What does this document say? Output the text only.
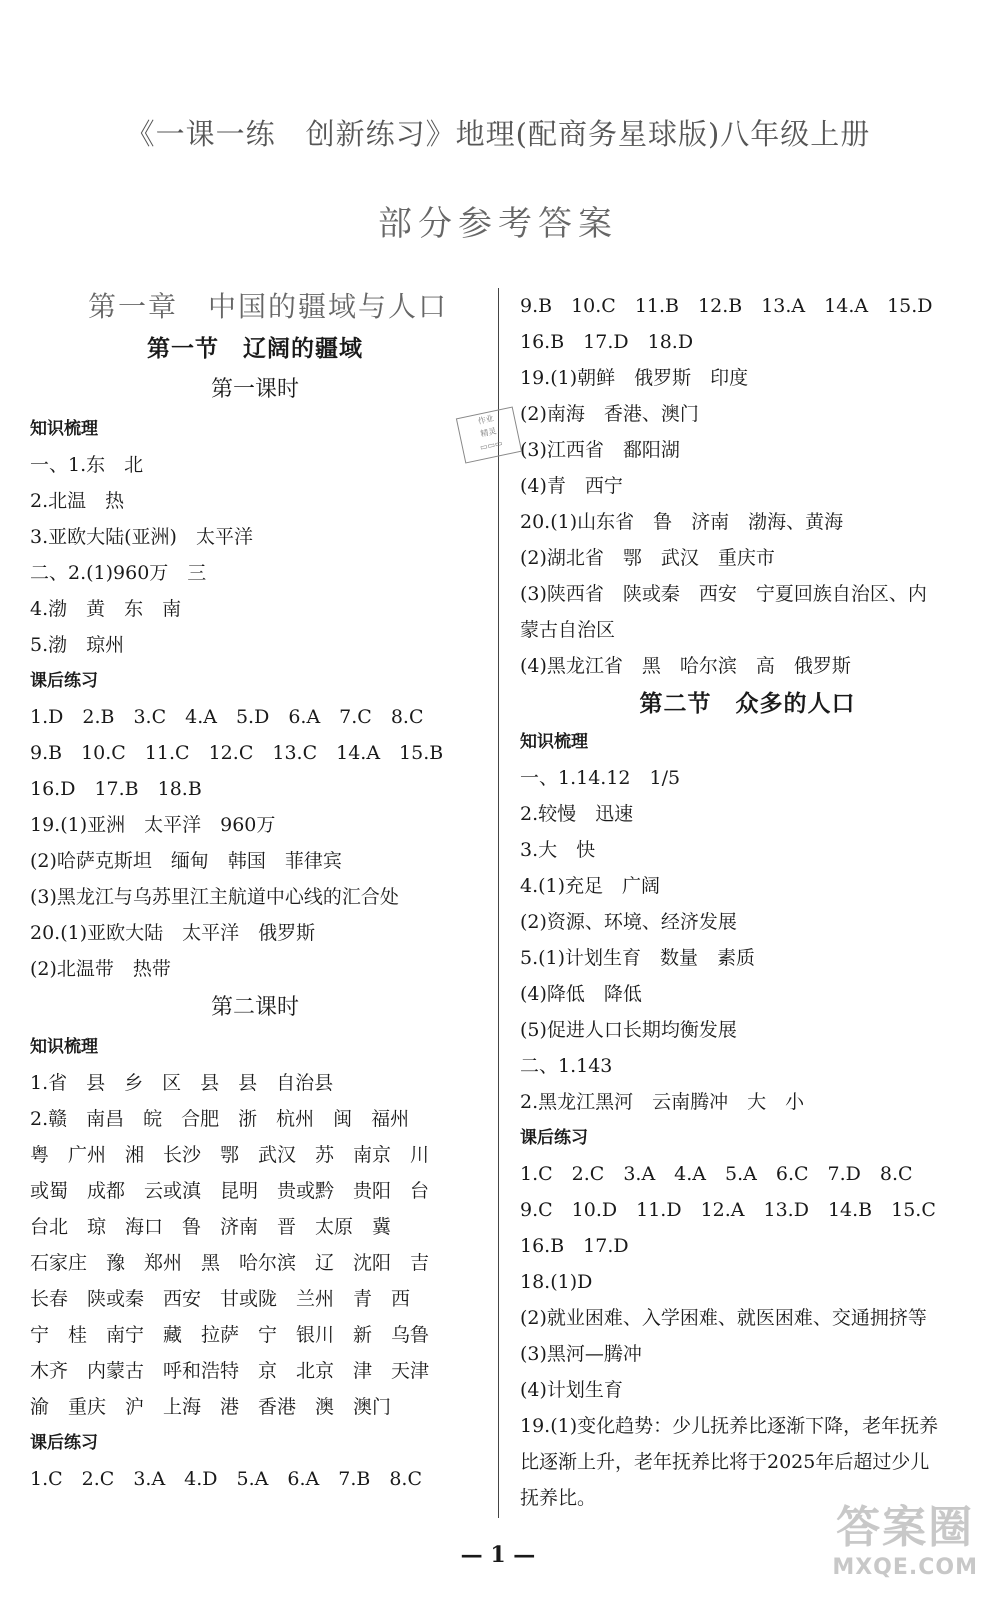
《一课一练　创新练习》地理(配商务星球版)八年级上册
部分参考答案
第一章　中国的疆域与人口
第一节　辽阔的疆域
第一课时
知识梳理
一、1.东　北
2.北温　热
3.亚欧大陆(亚洲)　太平洋
二、2.(1)960万　三
4.渤　黄　东　南
5.渤　琼州
课后练习
1.D　2.B　3.C　4.A　5.D　6.A　7.C　8.C
9.B　10.C　11.C　12.C　13.C　14.A　15.B
16.D　17.B　18.B
19.(1)亚洲　太平洋　960万
(2)哈萨克斯坦　缅甸　韩国　菲律宾
(3)黑龙江与乌苏里江主航道中心线的汇合处
20.(1)亚欧大陆　太平洋　俄罗斯
(2)北温带　热带
第二课时
知识梳理
1.省　县　乡　区　县　县　自治县
2.赣　南昌　皖　合肥　浙　杭州　闽　福州
粤　广州　湘　长沙　鄂　武汉　苏　南京　川
或蜀　成都　云或滇　昆明　贵或黔　贵阳　台
台北　琼　海口　鲁　济南　晋　太原　冀
石家庄　豫　郑州　黑　哈尔滨　辽　沈阳　吉
长春　陕或秦　西安　甘或陇　兰州　青　西
宁　桂　南宁　藏　拉萨　宁　银川　新　乌鲁
木齐　内蒙古　呼和浩特　京　北京　津　天津
渝　重庆　沪　上海　港　香港　澳　澳门
课后练习
1.C　2.C　3.A　4.D　5.A　6.A　7.B　8.C
9.B　10.C　11.B　12.B　13.A　14.A　15.D
16.B　17.D　18.D
19.(1)朝鲜　俄罗斯　印度
(2)南海　香港、澳门
(3)江西省　鄱阳湖
(4)青　西宁
20.(1)山东省　鲁　济南　渤海、黄海
(2)湖北省　鄂　武汉　重庆市
(3)陕西省　陕或秦　西安　宁夏回族自治区、内
蒙古自治区
(4)黑龙江省　黑　哈尔滨　高　俄罗斯
第二节　众多的人口
知识梳理
一、1.14.12　1/5
2.较慢　迅速
3.大　快
4.(1)充足　广阔
(2)资源、环境、经济发展
5.(1)计划生育　数量　素质
(4)降低　降低
(5)促进人口长期均衡发展
二、1.143
2.黑龙江黑河　云南腾冲　大　小
课后练习
1.C　2.C　3.A　4.A　5.A　6.C　7.D　8.C
9.C　10.D　11.D　12.A　13.D　14.B　15.C
16.B　17.D
18.(1)D
(2)就业困难、入学困难、就医困难、交通拥挤等
(3)黑河—腾冲
(4)计划生育
19.(1)变化趋势：少儿抚养比逐渐下降，老年抚养
比逐渐上升，老年抚养比将于2025年后超过少儿
抚养比。
作业
精灵
▭▭▭
— 1 —
答案圈
MXQE.COM
